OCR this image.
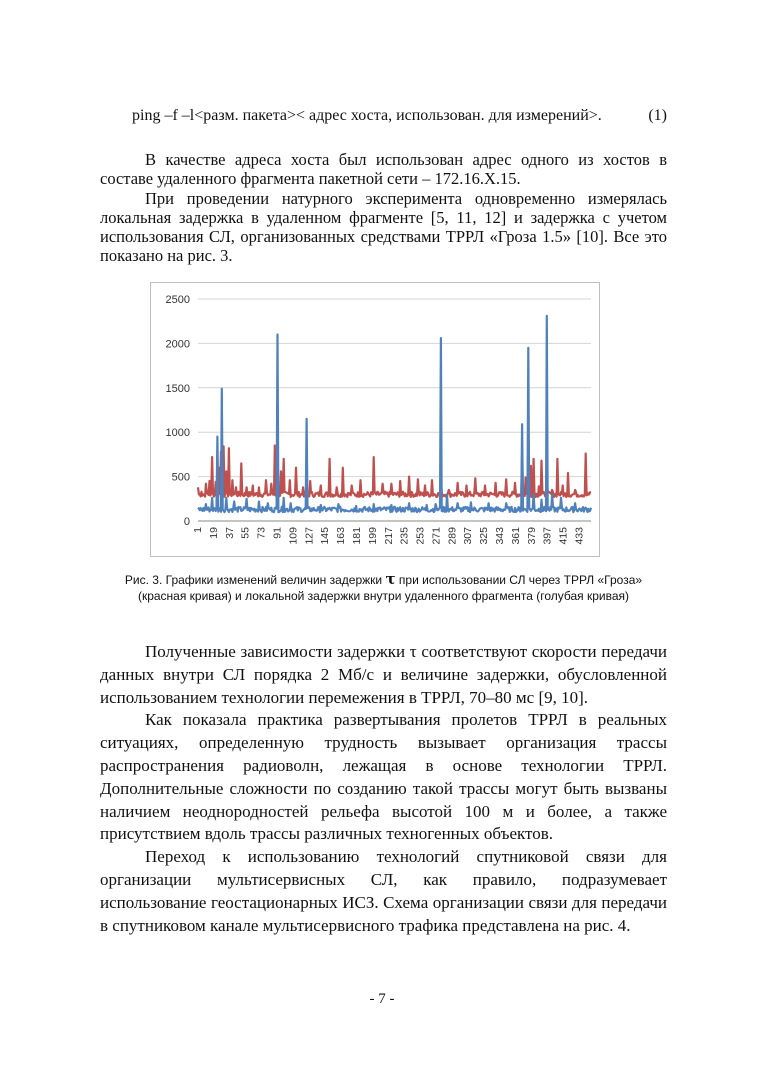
ping –f –l<разм. пакета>< адрес хоста, использован. для измерений>.	(1)

В качестве адреса хоста был использован адрес одного из хостов в составе удаленного фрагмента пакетной сети – 172.16.X.15.

При проведении натурного эксперимента одновременно измерялась локальная задержка в удаленном фрагменте [5, 11, 12] и задержка с учетом использования СЛ, организованных средствами ТРРЛ «Гроза 1.5» [10]. Все это показано на рис. 3.

0
500
1000
1500
2000
2500
1 19 37 55 73 91 109 127 145 163 181 199 217 235 253 271 289 307 325 343 361 379 397 415 433
Рис. 3. Графики изменений величин задержки τ при использовании СЛ через ТРРЛ «Гроза» (красная кривая) и локальной задержки внутри удаленного фрагмента (голубая кривая)

Полученные зависимости задержки τ соответствуют скорости передачи данных внутри СЛ порядка 2 Мб/с и величине задержки, обусловленной использованием технологии перемежения в ТРРЛ, 70–80 мс [9, 10].

Как показала практика развертывания пролетов ТРРЛ в реальных ситуациях, определенную трудность вызывает организация трассы распространения радиоволн, лежащая в основе технологии ТРРЛ. Дополнительные сложности по созданию такой трассы могут быть вызваны наличием неоднородностей рельефа высотой 100 м и более, а также присутствием вдоль трассы различных техногенных объектов.

Переход к использованию технологий спутниковой связи для организации мультисервисных СЛ, как правило, подразумевает использование геостационарных ИСЗ. Схема организации связи для передачи в спутниковом канале мультисервисного трафика представлена на рис. 4.

- 7 -
